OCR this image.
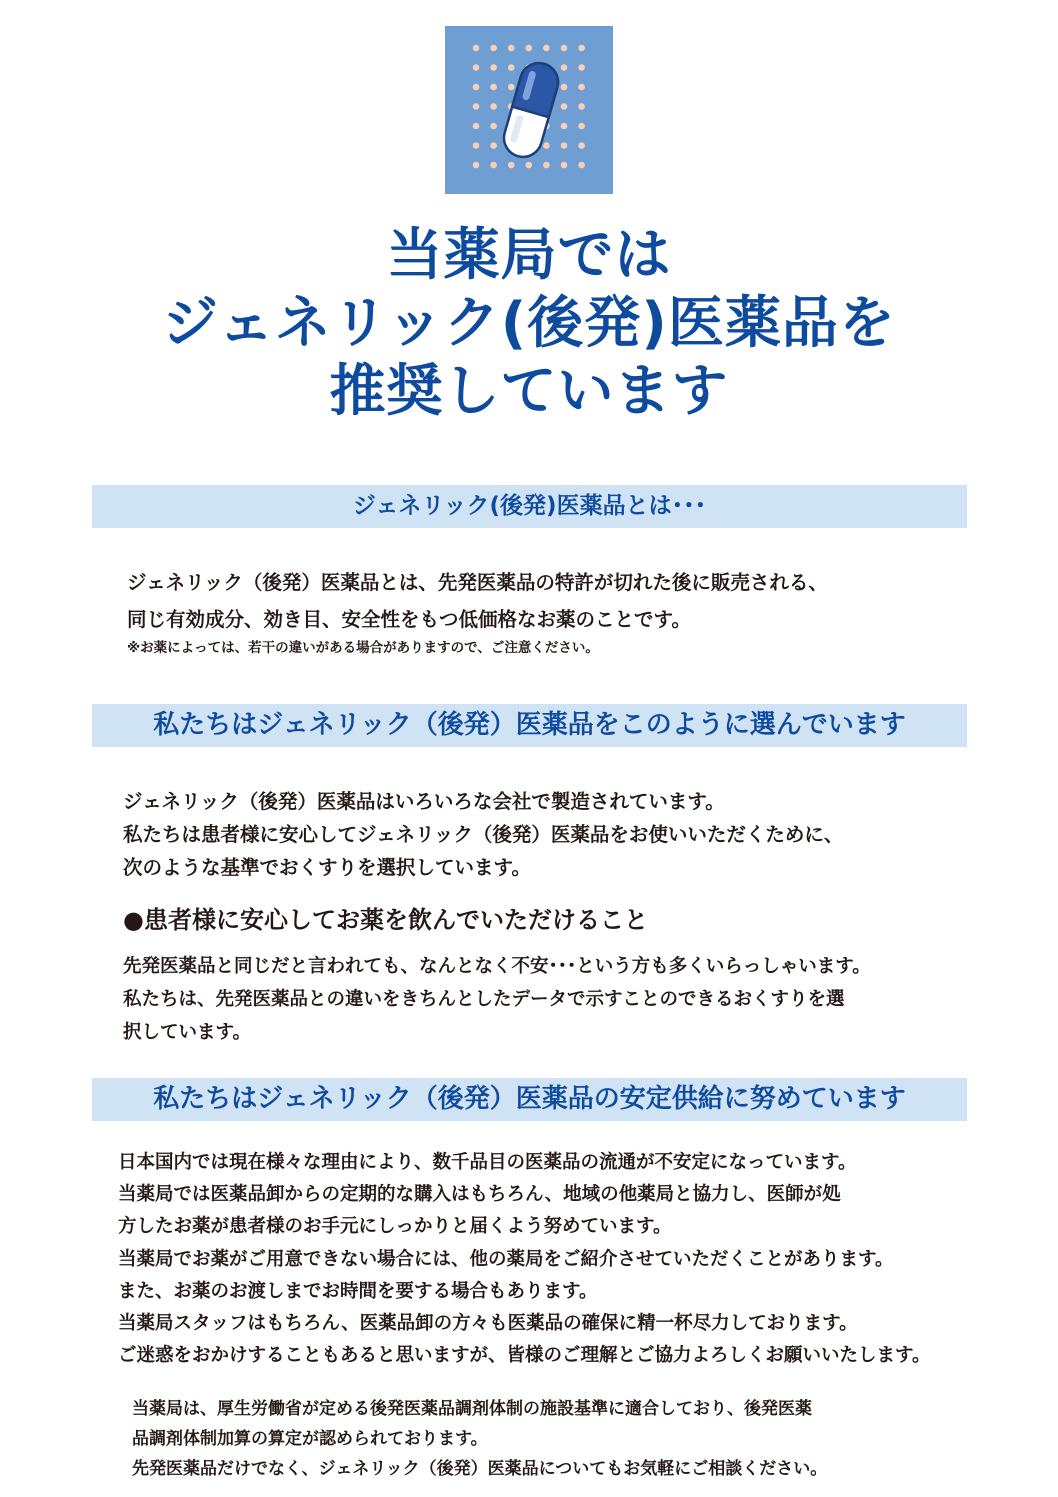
当薬局では
ジェネリック(後発)医薬品を
推奨しています
ジェネリック(後発)医薬品とは･･･
ジェネリック（後発）医薬品とは、先発医薬品の特許が切れた後に販売される、
同じ有効成分、効き目、安全性をもつ低価格なお薬のことです。
※お薬によっては、若干の違いがある場合がありますので、ご注意ください。
私たちはジェネリック（後発）医薬品をこのように選んでいます
ジェネリック（後発）医薬品はいろいろな会社で製造されています。
私たちは患者様に安心してジェネリック（後発）医薬品をお使いいただくために、
次のような基準でおくすりを選択しています。
●患者様に安心してお薬を飲んでいただけること
先発医薬品と同じだと言われても、なんとなく不安･･･という方も多くいらっしゃいます。
私たちは、先発医薬品との違いをきちんとしたデータで示すことのできるおくすりを選
択しています。
私たちはジェネリック（後発）医薬品の安定供給に努めています
日本国内では現在様々な理由により、数千品目の医薬品の流通が不安定になっています。
当薬局では医薬品卸からの定期的な購入はもちろん、地域の他薬局と協力し、医師が処
方したお薬が患者様のお手元にしっかりと届くよう努めています。
当薬局でお薬がご用意できない場合には、他の薬局をご紹介させていただくことがあります。
また、お薬のお渡しまでお時間を要する場合もあります。
当薬局スタッフはもちろん、医薬品卸の方々も医薬品の確保に精一杯尽力しております。
ご迷惑をおかけすることもあると思いますが、皆様のご理解とご協力よろしくお願いいたします。
当薬局は、厚生労働省が定める後発医薬品調剤体制の施設基準に適合しており、後発医薬
品調剤体制加算の算定が認められております。
先発医薬品だけでなく、ジェネリック（後発）医薬品についてもお気軽にご相談ください。
